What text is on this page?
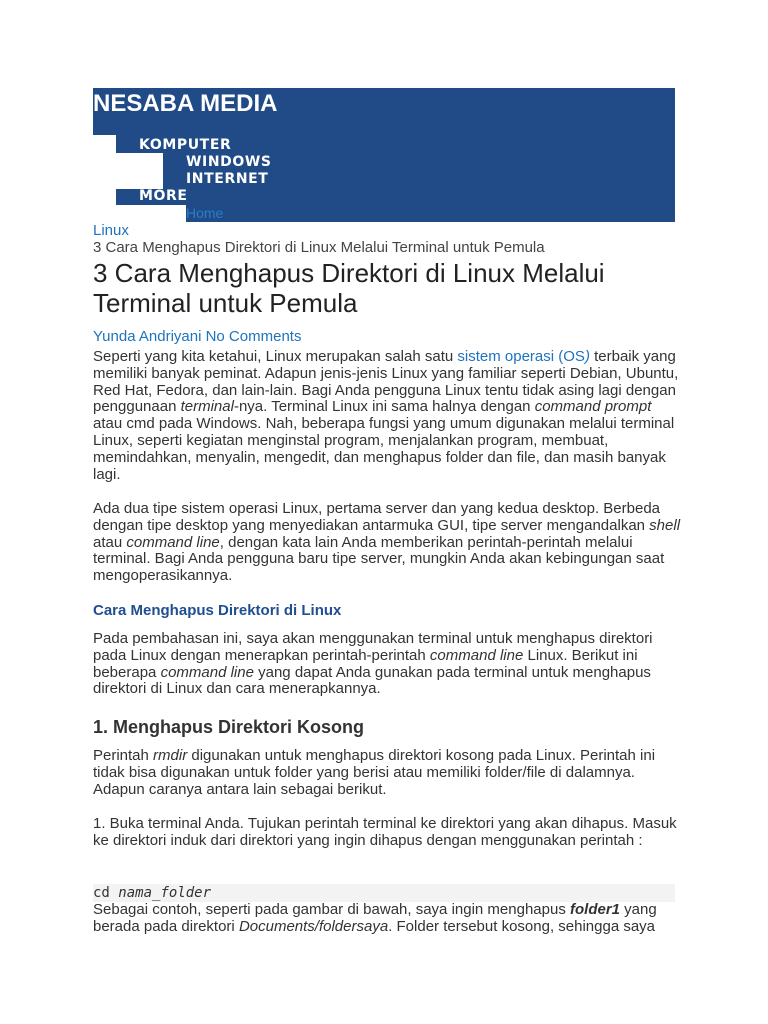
NESABA MEDIA
KOMPUTER
WINDOWS
INTERNET
MORE
Home
Linux
3 Cara Menghapus Direktori di Linux Melalui Terminal untuk Pemula
3 Cara Menghapus Direktori di Linux Melalui
Terminal untuk Pemula
Yunda Andriyani No Comments

Seperti yang kita ketahui, Linux merupakan salah satu sistem operasi (OS) terbaik yang memiliki banyak peminat. Adapun jenis-jenis Linux yang familiar seperti Debian, Ubuntu, Red Hat, Fedora, dan lain-lain. Bagi Anda pengguna Linux tentu tidak asing lagi dengan penggunaan terminal-nya. Terminal Linux ini sama halnya dengan command prompt atau cmd pada Windows. Nah, beberapa fungsi yang umum digunakan melalui terminal Linux, seperti kegiatan menginstal program, menjalankan program, membuat, memindahkan, menyalin, mengedit, dan menghapus folder dan file, dan masih banyak lagi.

Ada dua tipe sistem operasi Linux, pertama server dan yang kedua desktop. Berbeda dengan tipe desktop yang menyediakan antarmuka GUI, tipe server mengandalkan shell atau command line, dengan kata lain Anda memberikan perintah-perintah melalui terminal. Bagi Anda pengguna baru tipe server, mungkin Anda akan kebingungan saat mengoperasikannya.

Cara Menghapus Direktori di Linux

Pada pembahasan ini, saya akan menggunakan terminal untuk menghapus direktori pada Linux dengan menerapkan perintah-perintah command line Linux. Berikut ini beberapa command line yang dapat Anda gunakan pada terminal untuk menghapus direktori di Linux dan cara menerapkannya.

1. Menghapus Direktori Kosong

Perintah rmdir digunakan untuk menghapus direktori kosong pada Linux. Perintah ini tidak bisa digunakan untuk folder yang berisi atau memiliki folder/file di dalamnya. Adapun caranya antara lain sebagai berikut.

1. Buka terminal Anda. Tujukan perintah terminal ke direktori yang akan dihapus. Masuk ke direktori induk dari direktori yang ingin dihapus dengan menggunakan perintah :

cd nama_folder

Sebagai contoh, seperti pada gambar di bawah, saya ingin menghapus folder1 yang berada pada direktori Documents/foldersaya. Folder tersebut kosong, sehingga saya
